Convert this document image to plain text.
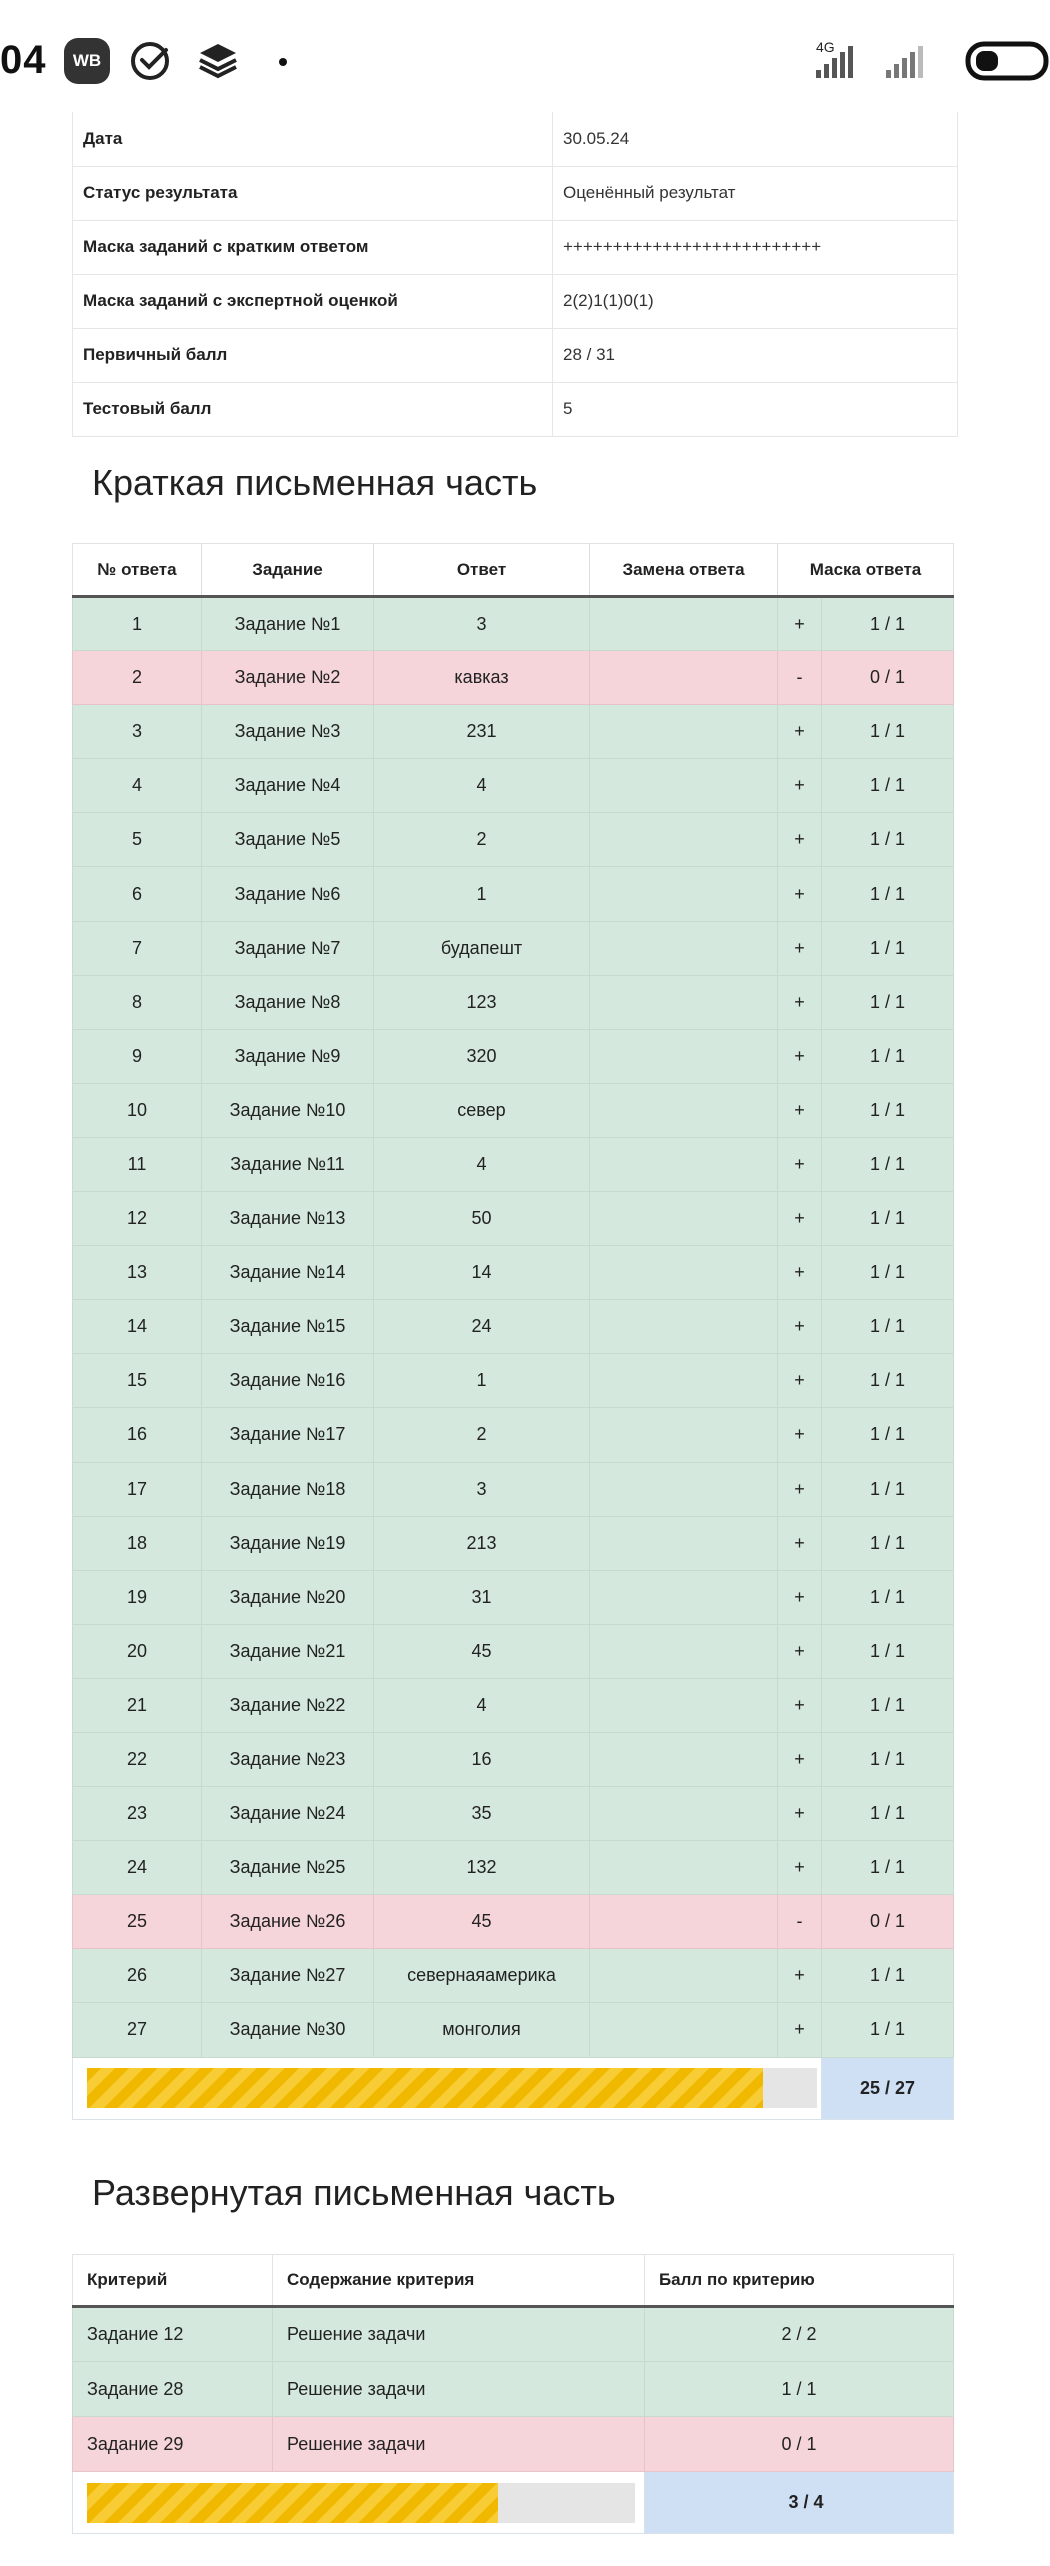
04	WB
4G
Дата	30.05.24
Статус результата	Оценённый результат
Маска заданий с кратким ответом	++++++++++++++++++++++++++
Маска заданий с экспертной оценкой	2(2)1(1)0(1)
Первичный балл	28 / 31
Тестовый балл	5
Краткая письменная часть
№ ответа	Задание	Ответ	Замена ответа	Маска ответа	
1	Задание №1	3		+	1 / 1
2	Задание №2	кавказ		-	0 / 1
3	Задание №3	231		+	1 / 1
4	Задание №4	4		+	1 / 1
5	Задание №5	2		+	1 / 1
6	Задание №6	1		+	1 / 1
7	Задание №7	будапешт		+	1 / 1
8	Задание №8	123		+	1 / 1
9	Задание №9	320		+	1 / 1
10	Задание №10	север		+	1 / 1
11	Задание №11	4		+	1 / 1
12	Задание №13	50		+	1 / 1
13	Задание №14	14		+	1 / 1
14	Задание №15	24		+	1 / 1
15	Задание №16	1		+	1 / 1
16	Задание №17	2		+	1 / 1
17	Задание №18	3		+	1 / 1
18	Задание №19	213		+	1 / 1
19	Задание №20	31		+	1 / 1
20	Задание №21	45		+	1 / 1
21	Задание №22	4		+	1 / 1
22	Задание №23	16		+	1 / 1
23	Задание №24	35		+	1 / 1
24	Задание №25	132		+	1 / 1
25	Задание №26	45		-	0 / 1
26	Задание №27	севернаяамерика		+	1 / 1
27	Задание №30	монголия		+	1 / 1

					25 / 27
Развернутая письменная часть
Критерий	Содержание критерия	Балл по критерию
Задание 12	Решение задачи	2 / 2
Задание 28	Решение задачи	1 / 1
Задание 29	Решение задачи	0 / 1

		3 / 4
